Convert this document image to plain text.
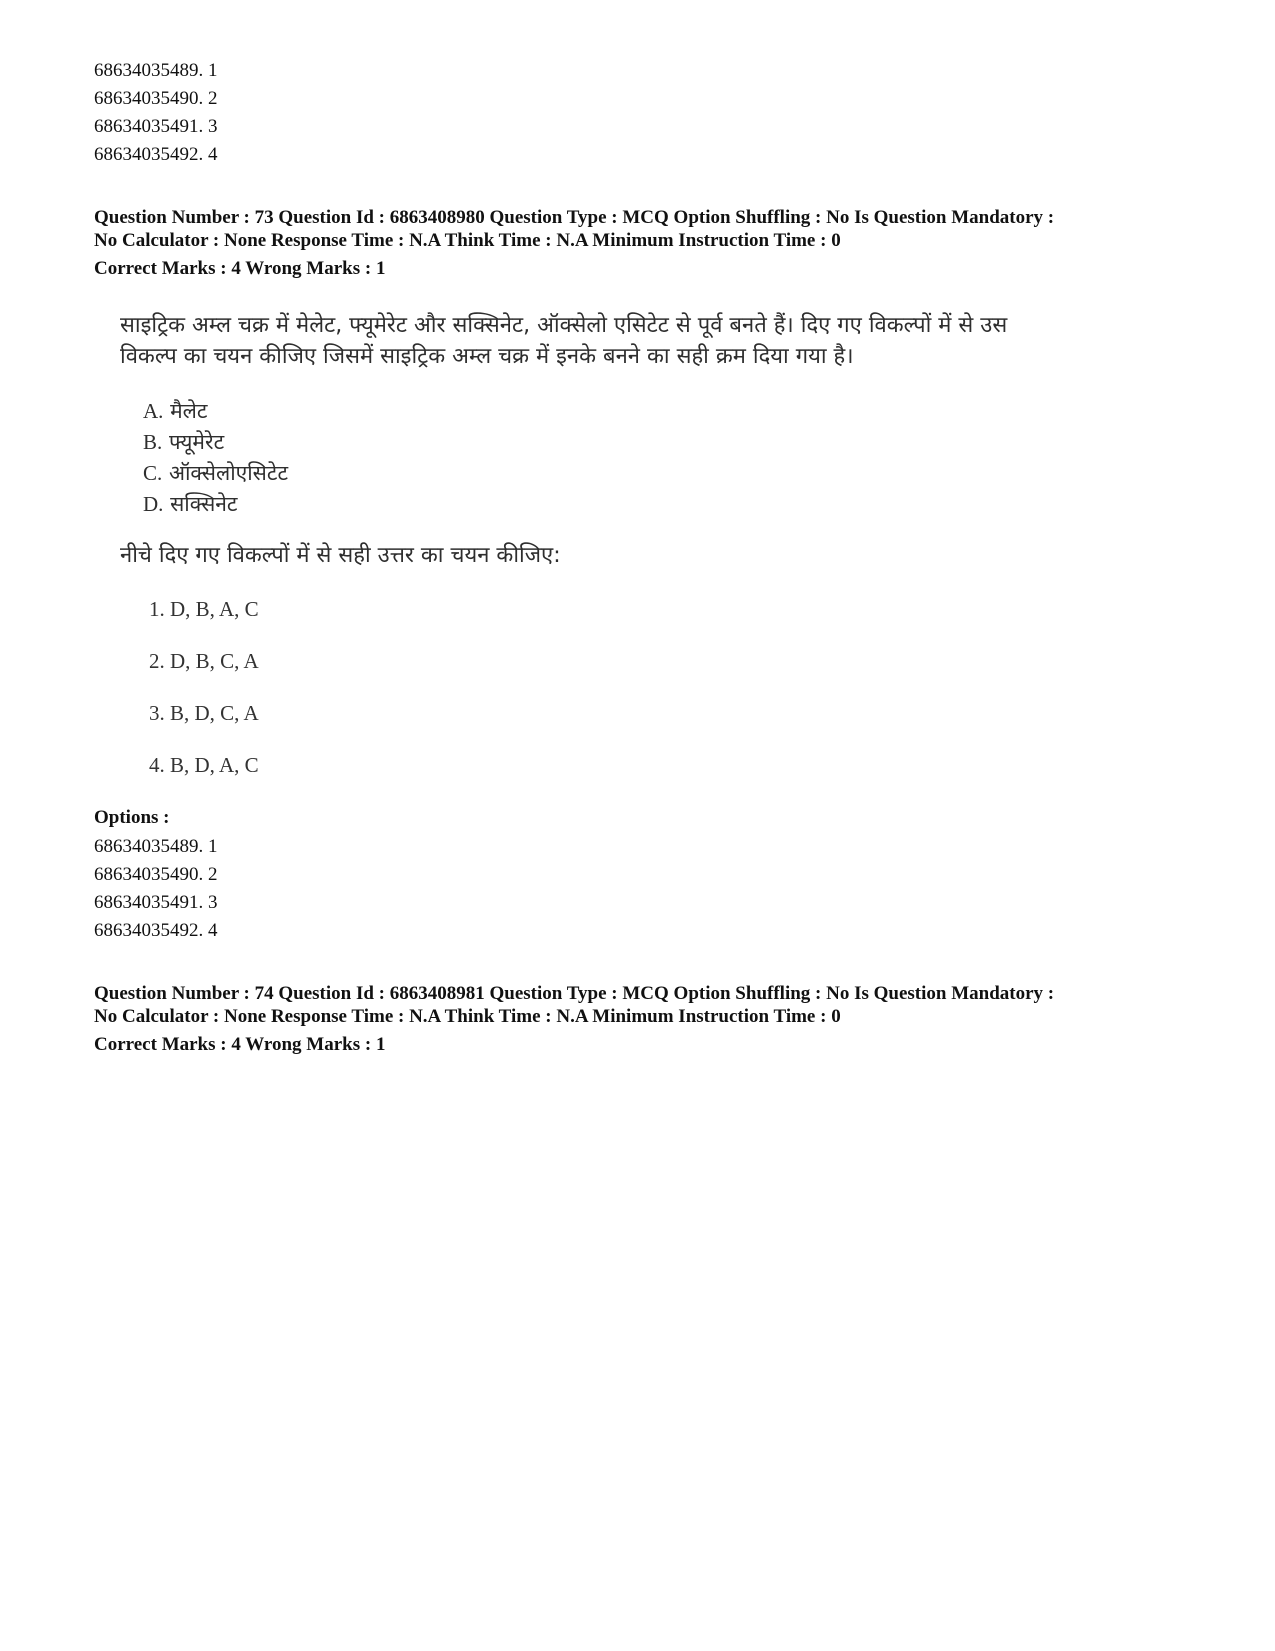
68634035489. 1
68634035490. 2
68634035491. 3
68634035492. 4
Question Number : 73 Question Id : 6863408980 Question Type : MCQ Option Shuffling : No Is Question Mandatory :
No Calculator : None Response Time : N.A Think Time : N.A Minimum Instruction Time : 0
Correct Marks : 4 Wrong Marks : 1
साइट्रिक अम्ल चक्र में मेलेट, फ्यूमेरेट और सक्सिनेट, ऑक्सेलो एसिटेट से पूर्व बनते हैं। दिए गए विकल्पों में से उस
विकल्प का चयन कीजिए जिसमें साइट्रिक अम्ल चक्र में इनके बनने का सही क्रम दिया गया है।
A. मैलेट
B. फ्यूमेरेट
C. ऑक्सेलोएसिटेट
D. सक्सिनेट
नीचे दिए गए विकल्पों में से सही उत्तर का चयन कीजिए:
1. D, B, A, C
2. D, B, C, A
3. B, D, C, A
4. B, D, A, C
Options :
68634035489. 1
68634035490. 2
68634035491. 3
68634035492. 4
Question Number : 74 Question Id : 6863408981 Question Type : MCQ Option Shuffling : No Is Question Mandatory :
No Calculator : None Response Time : N.A Think Time : N.A Minimum Instruction Time : 0
Correct Marks : 4 Wrong Marks : 1
